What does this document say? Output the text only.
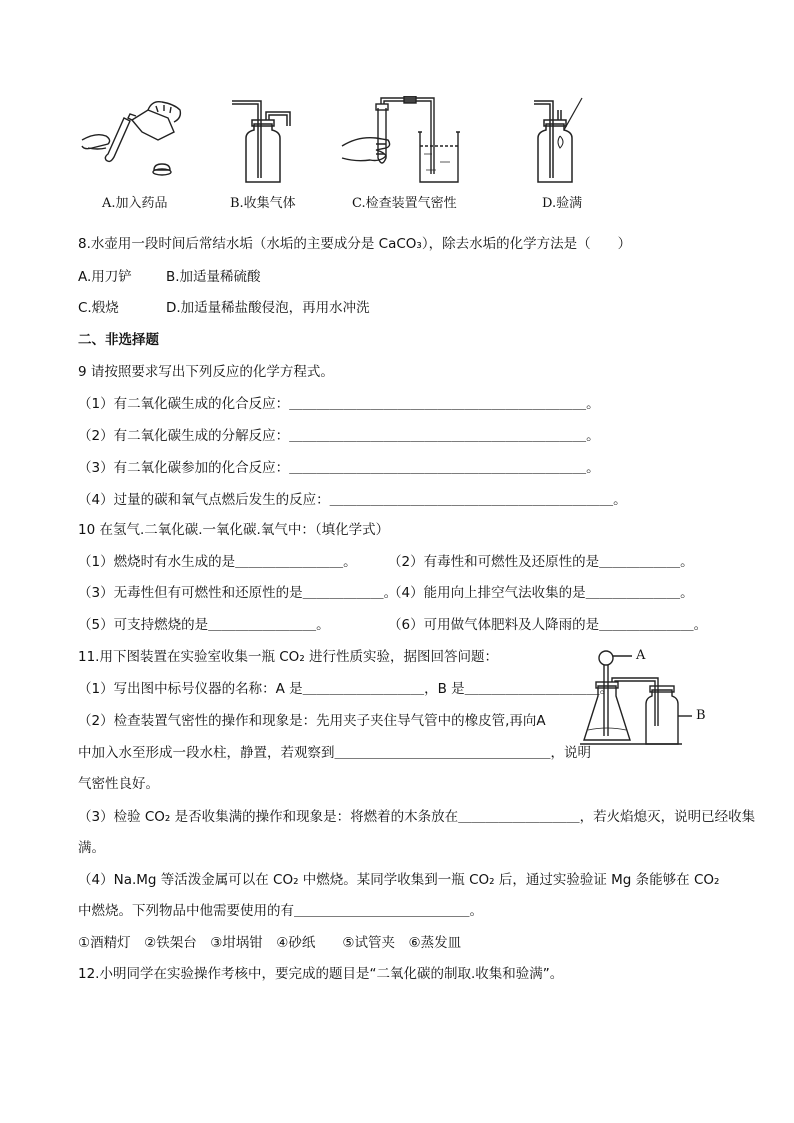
A.加入药品	B.收集气体	C.检查装置气密性	D.验满
8.水壶用一段时间后常结水垢（水垢的主要成分是 CaCO₃），除去水垢的化学方法是（　　）
A.用刀铲	B.加适量稀硫酸
C.煅烧	D.加适量稀盐酸侵泡，再用水冲洗
二、非选择题
9 请按照要求写出下列反应的化学方程式。
（1）有二氧化碳生成的化合反应：＿＿＿＿＿＿＿＿＿＿＿＿＿＿＿＿＿＿＿＿＿＿。
（2）有二氧化碳生成的分解反应：＿＿＿＿＿＿＿＿＿＿＿＿＿＿＿＿＿＿＿＿＿＿。
（3）有二氧化碳参加的化合反应：＿＿＿＿＿＿＿＿＿＿＿＿＿＿＿＿＿＿＿＿＿＿。
（4）过量的碳和氧气点燃后发生的反应：＿＿＿＿＿＿＿＿＿＿＿＿＿＿＿＿＿＿＿＿＿。
10 在氢气.二氧化碳.一氧化碳.氧气中：（填化学式）
（1）燃烧时有水生成的是＿＿＿＿＿＿＿＿。 （2）有毒性和可燃性及还原性的是＿＿＿＿＿＿。
（3）无毒性但有可燃性和还原性的是＿＿＿＿＿＿。
（4）能用向上排空气法收集的是＿＿＿＿＿＿＿。
（5）可支持燃烧的是＿＿＿＿＿＿＿＿。	（6）可用做气体肥料及人降雨的是＿＿＿＿＿＿＿。
11.用下图装置在实验室收集一瓶 CO₂ 进行性质实验，据图回答问题：
（1）写出图中标号仪器的名称：A 是＿＿＿＿＿＿＿＿＿，B 是＿＿＿＿＿＿＿＿＿＿。
（2）检查装置气密性的操作和现象是：先用夹子夹住导气管中的橡皮管,再向A
中加入水至形成一段水柱，静置，若观察到＿＿＿＿＿＿＿＿＿＿＿＿＿＿＿＿，说明
气密性良好。
（3）检验 CO₂ 是否收集满的操作和现象是：将燃着的木条放在＿＿＿＿＿＿＿＿＿，若火焰熄灭，说明已经收集
满。
（4）Na.Mg 等活泼金属可以在 CO₂ 中燃烧。某同学收集到一瓶 CO₂ 后，通过实验验证 Mg 条能够在 CO₂
中燃烧。下列物品中他需要使用的有＿＿＿＿＿＿＿＿＿＿＿＿＿。
①酒精灯　②铁架台　③坩埚钳　④砂纸　　⑤试管夹　⑥蒸发皿
A
B
12.小明同学在实验操作考核中，要完成的题目是“二氧化碳的制取.收集和验满”。
